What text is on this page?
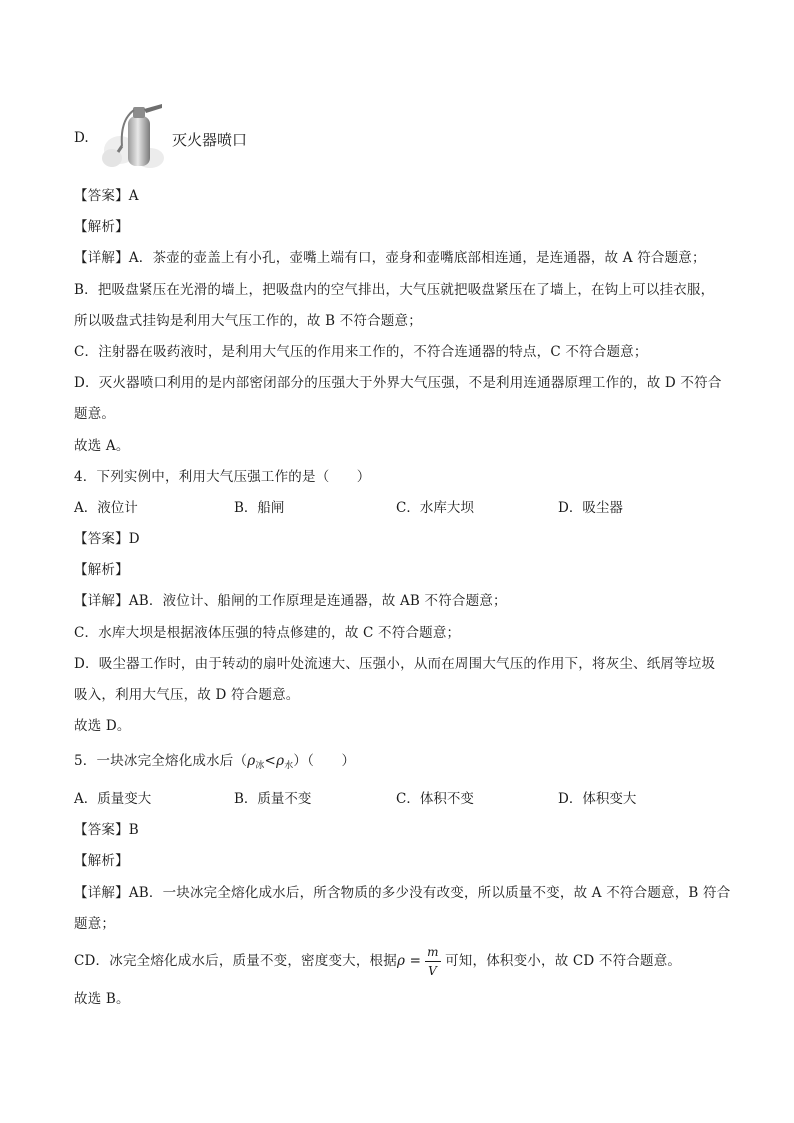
D.	灭火器喷口
【答案】A
【解析】
【详解】A．茶壶的壶盖上有小孔，壶嘴上端有口，壶身和壶嘴底部相连通，是连通器，故 A 符合题意；
B．把吸盘紧压在光滑的墙上，把吸盘内的空气排出，大气压就把吸盘紧压在了墙上，在钩上可以挂衣服，
所以吸盘式挂钩是利用大气压工作的，故 B 不符合题意；
C．注射器在吸药液时，是利用大气压的作用来工作的，不符合连通器的特点，C 不符合题意；
D．灭火器喷口利用的是内部密闭部分的压强大于外界大气压强，不是利用连通器原理工作的，故 D 不符合
题意。
故选 A。
4．下列实例中，利用大气压强工作的是（　　）
A．液位计	B．船闸	C．水库大坝	D．吸尘器
【答案】D
【解析】
【详解】AB．液位计、船闸的工作原理是连通器，故 AB 不符合题意；
C．水库大坝是根据液体压强的特点修建的，故 C 不符合题意；
D．吸尘器工作时，由于转动的扇叶处流速大、压强小，从而在周围大气压的作用下，将灰尘、纸屑等垃圾
吸入，利用大气压，故 D 符合题意。
故选 D。
5．一块冰完全熔化成水后$(\rho_冰<\rho_水)$（　　）
A．质量变大	B．质量不变	C．体积不变	D．体积变大
【答案】B
【解析】
【详解】AB．一块冰完全熔化成水后，所含物质的多少没有改变，所以质量不变，故 A 不符合题意，B 符合
题意；
CD．冰完全熔化成水后，质量不变，密度变大，根据$\rho = \frac{m}{V}$ 可知，体积变小，故 CD 不符合题意。
故选 B。
